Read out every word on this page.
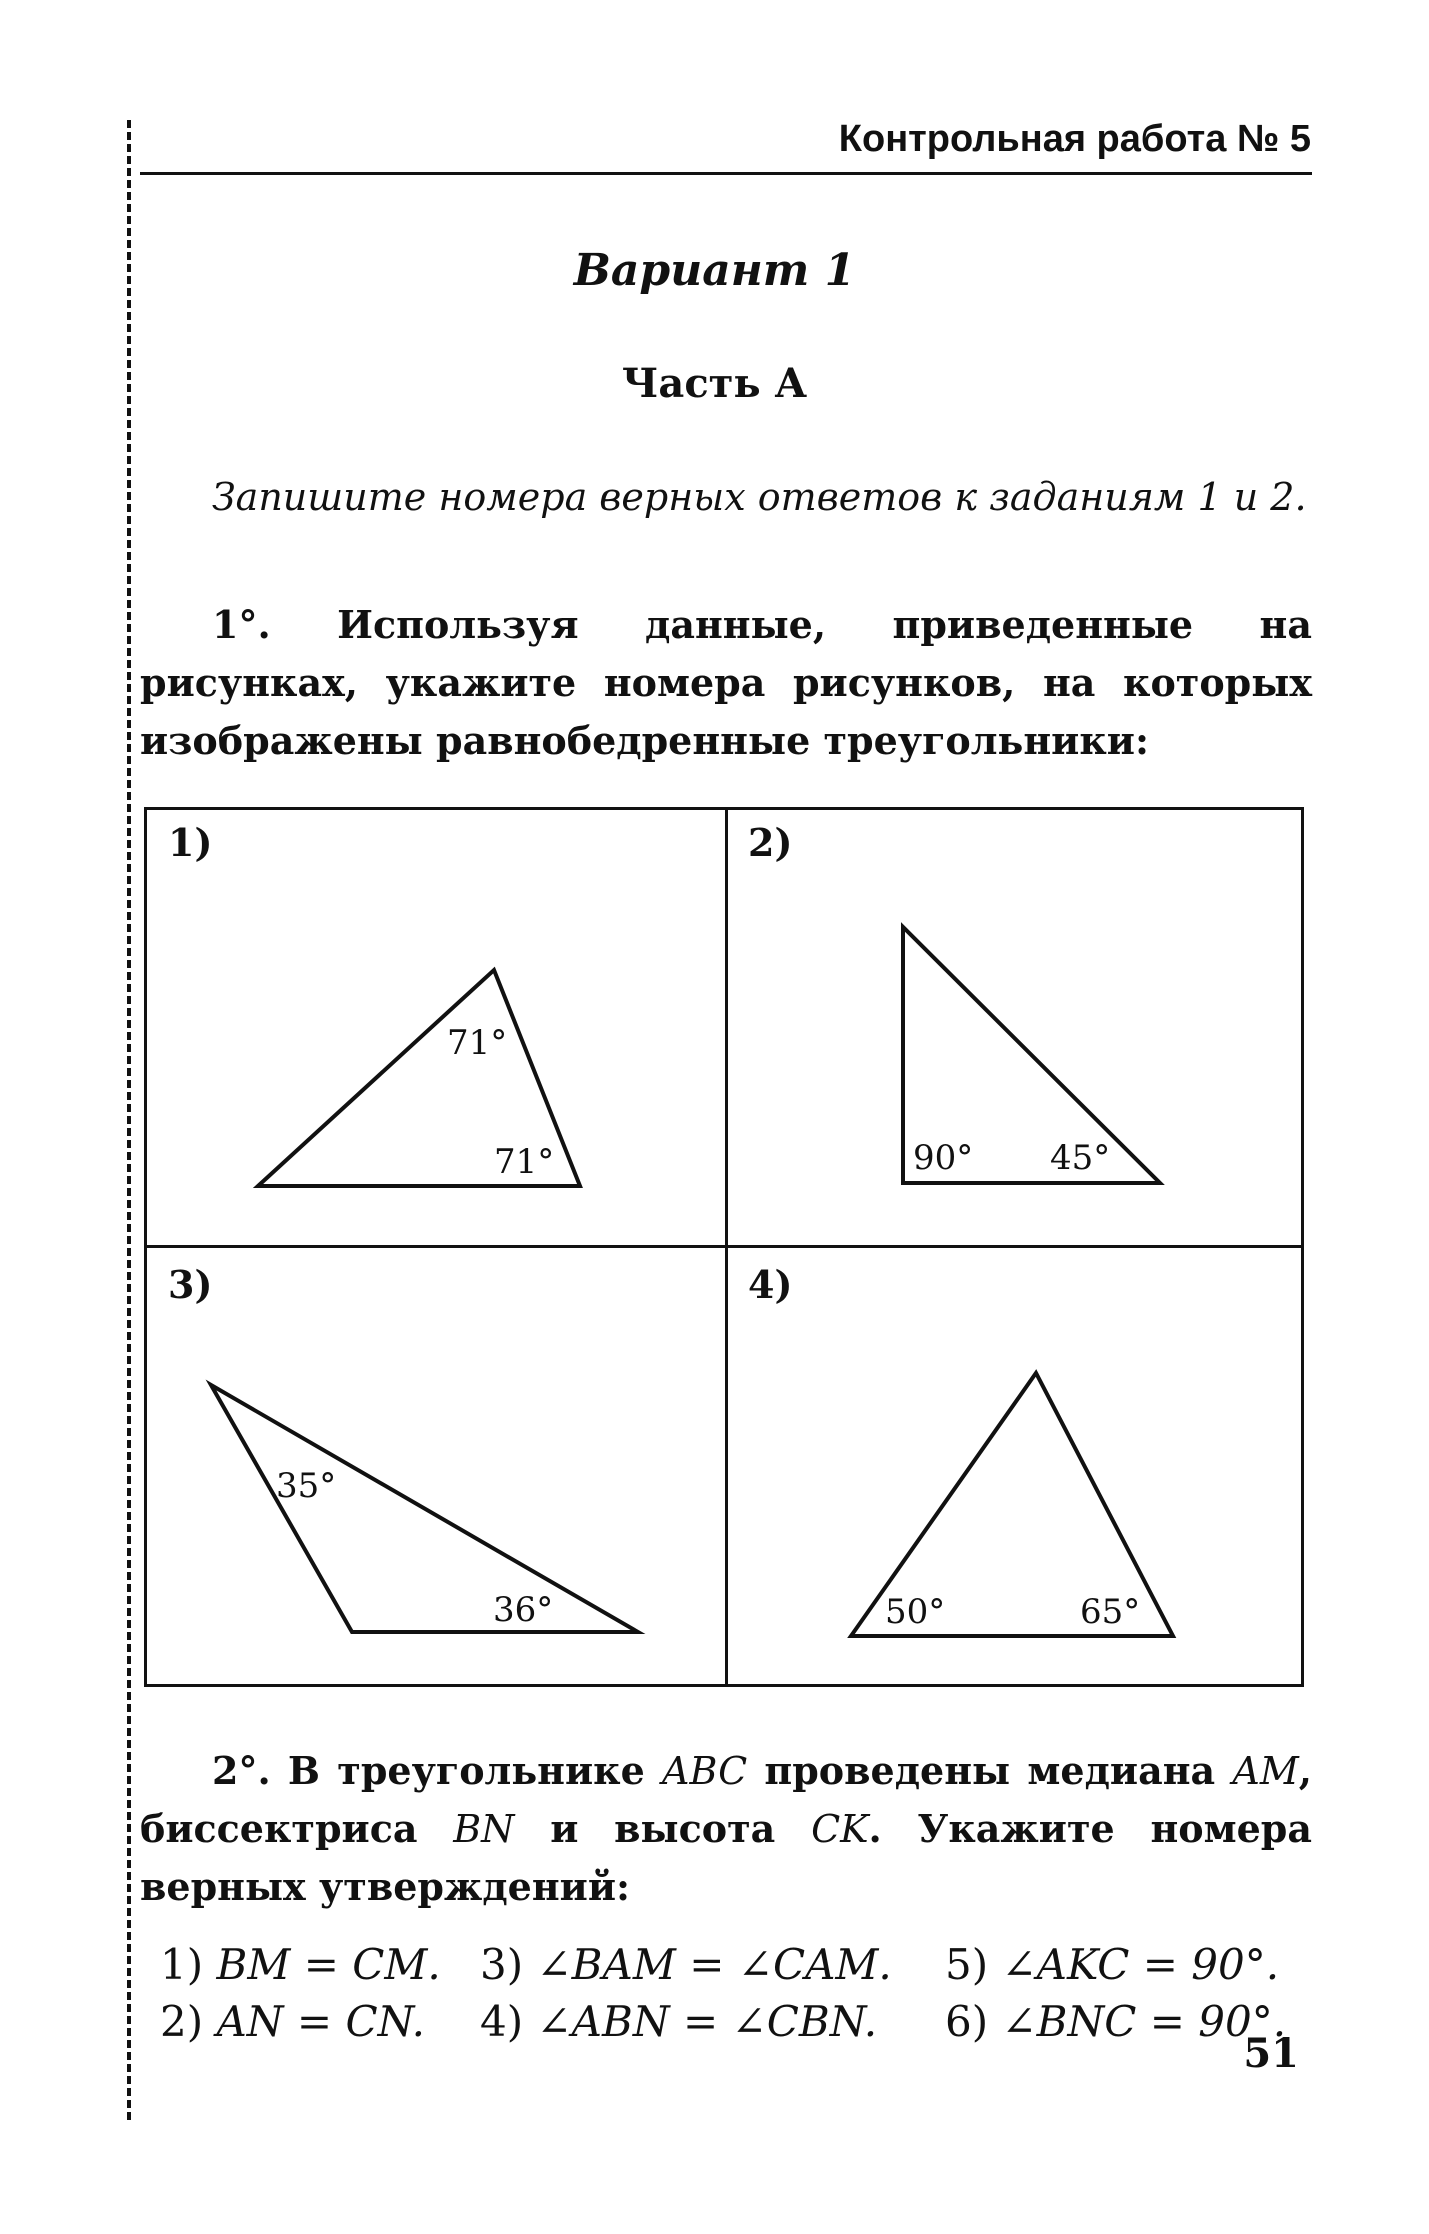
Контрольная работа № 5
Вариант 1
Часть А
Запишите номера верных ответов к заданиям 1 и 2.
1°. Используя данные, приведенные на рисунках, укажите номера рисунков, на которых изображены равнобедренные треугольники:
1)	2)
3)	4)
71°
71°	90° 45°
35°
36°	50°	65°
2°. В треугольнике ABC проведены медиана AM, биссектриса BN и высота CK. Укажите номера верных утверждений:
1) BM = CM.
2) AN = CN.
3) ∠BAM = ∠CAM.
4) ∠ABN = ∠CBN.
5) ∠AKC = 90°.
6) ∠BNC = 90°.
51
